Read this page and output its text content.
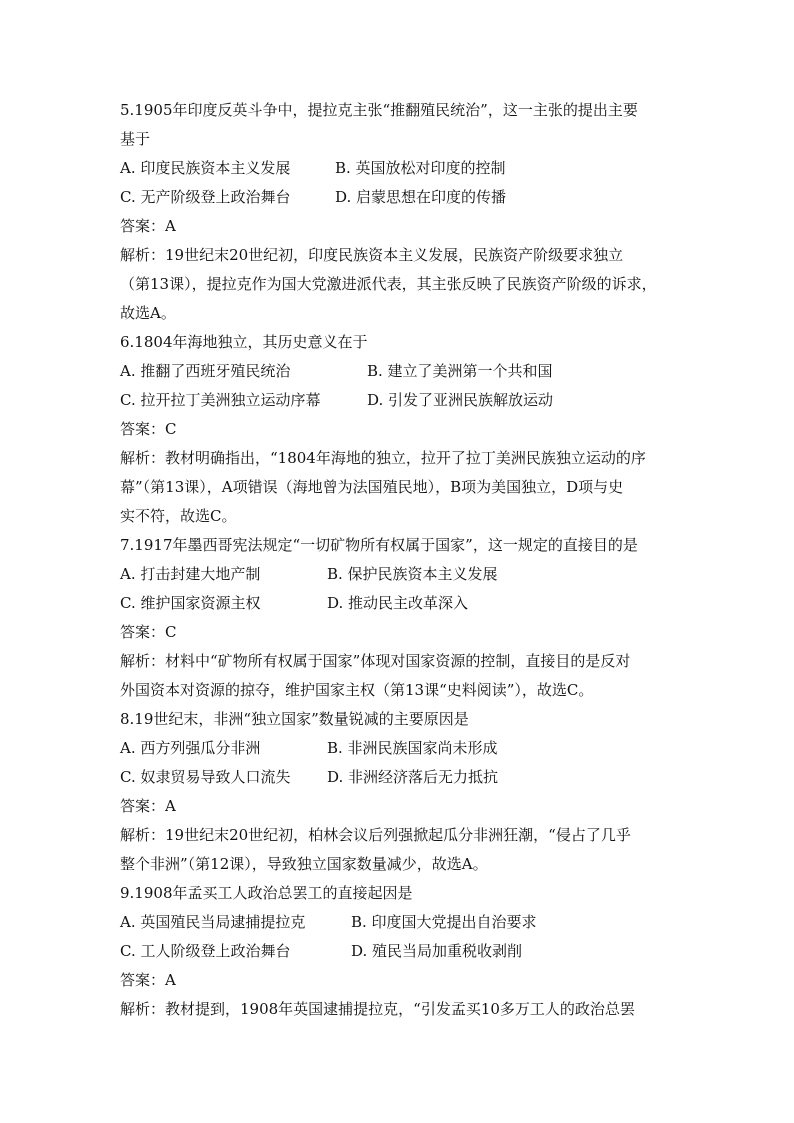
5.1905年印度反英斗争中，提拉克主张“推翻殖民统治”，这一主张的提出主要
基于
A. 印度民族资本主义发展	B. 英国放松对印度的控制
C. 无产阶级登上政治舞台	D. 启蒙思想在印度的传播
答案：A
解析：19世纪末20世纪初，印度民族资本主义发展，民族资产阶级要求独立
（第13课），提拉克作为国大党激进派代表，其主张反映了民族资产阶级的诉求，
故选A。
6.1804年海地独立，其历史意义在于
A. 推翻了西班牙殖民统治	B. 建立了美洲第一个共和国
C. 拉开拉丁美洲独立运动序幕	D. 引发了亚洲民族解放运动
答案：C
解析：教材明确指出，“1804年海地的独立，拉开了拉丁美洲民族独立运动的序
幕”（第13课），A项错误（海地曾为法国殖民地），B项为美国独立，D项与史
实不符，故选C。
7.1917年墨西哥宪法规定“一切矿物所有权属于国家”，这一规定的直接目的是
A. 打击封建大地产制	B. 保护民族资本主义发展
C. 维护国家资源主权	D. 推动民主改革深入
答案：C
解析：材料中“矿物所有权属于国家”体现对国家资源的控制，直接目的是反对
外国资本对资源的掠夺，维护国家主权（第13课“史料阅读”），故选C。
8.19世纪末，非洲“独立国家”数量锐减的主要原因是
A. 西方列强瓜分非洲	B. 非洲民族国家尚未形成
C. 奴隶贸易导致人口流失 D. 非洲经济落后无力抵抗
答案：A
解析：19世纪末20世纪初，柏林会议后列强掀起瓜分非洲狂潮，“侵占了几乎
整个非洲”（第12课），导致独立国家数量减少，故选A。
9.1908年孟买工人政治总罢工的直接起因是
A. 英国殖民当局逮捕提拉克	B. 印度国大党提出自治要求
C. 工人阶级登上政治舞台	D. 殖民当局加重税收剥削
答案：A
解析：教材提到，1908年英国逮捕提拉克，“引发孟买10多万工人的政治总罢
